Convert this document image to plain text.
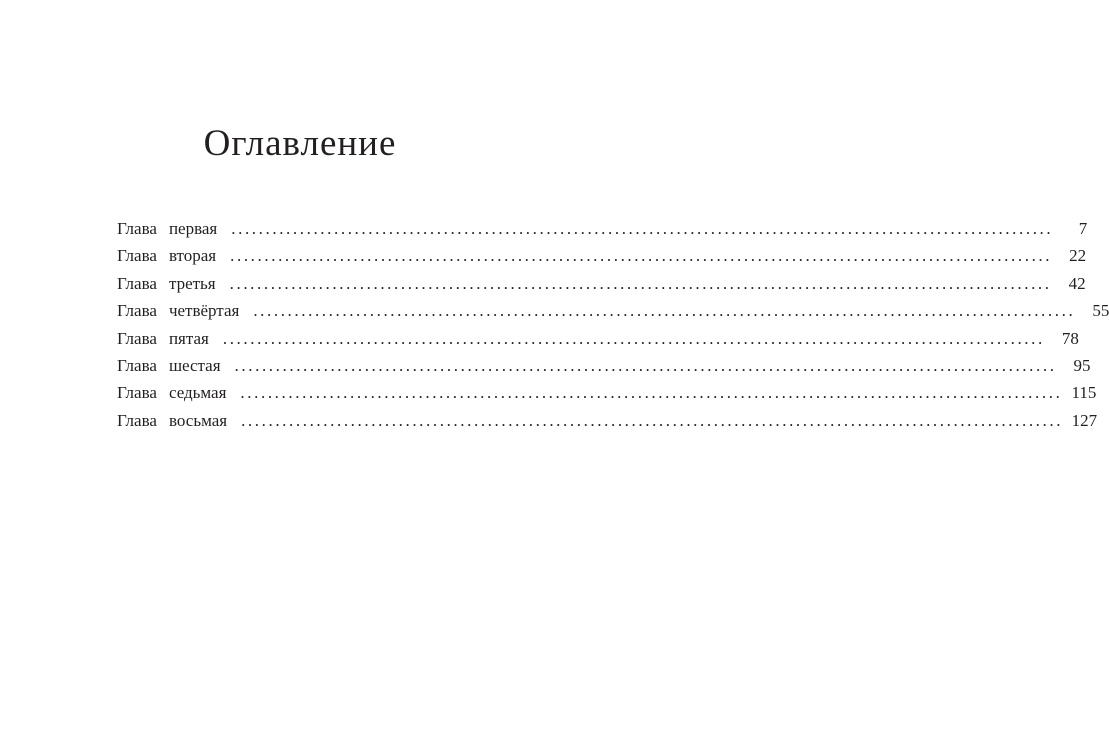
Оглавление
Глава первая ........................................................................................................................	7
Глава вторая ........................................................................................................................	22
Глава третья ........................................................................................................................	42
Глава четвёртая ........................................................................................................................	55
Глава пятая ........................................................................................................................	78
Глава шестая ........................................................................................................................	95
Глава седьмая ........................................................................................................................ 115
Глава восьмая ........................................................................................................................ 127
